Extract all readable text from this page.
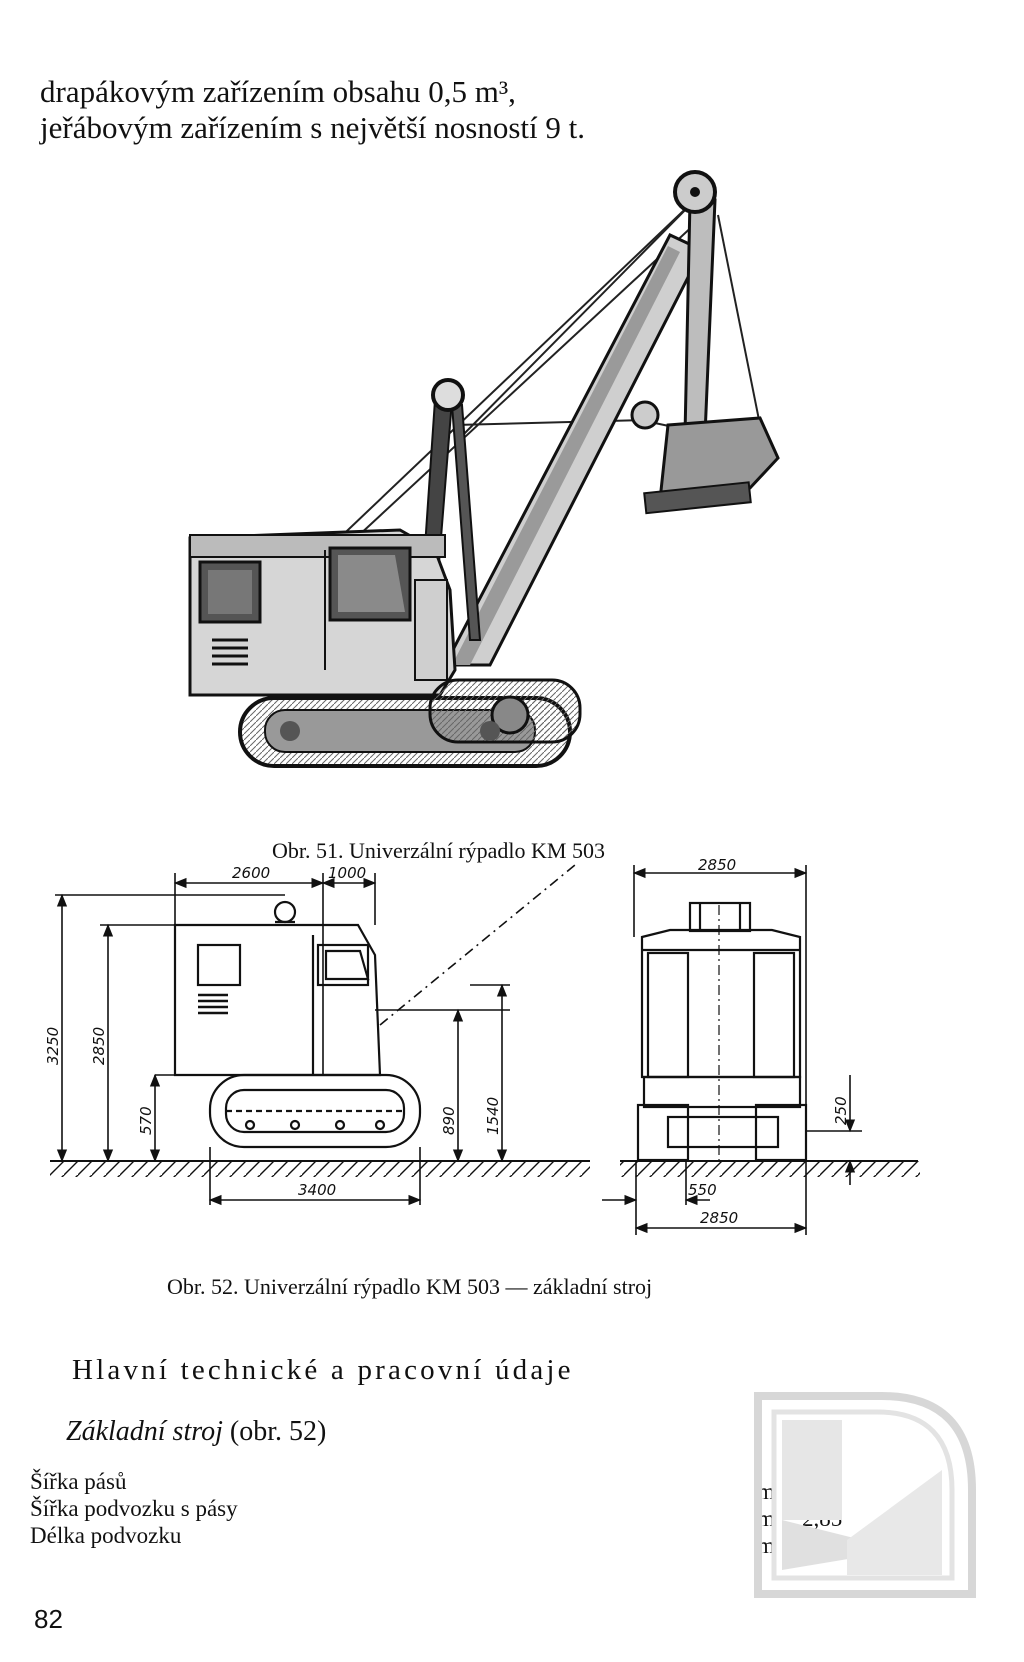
drapákovým zařízením obsahu 0,5 m³,
jeřábovým zařízením s největší nosností 9 t.
Obr. 51. Univerzální rýpadlo KM 503
2600	1000
3250 2850
570	890 1540
3400
2850
250
550
2850
Obr. 52. Univerzální rýpadlo KM 503 — základní stroj
Hlavní technické a pracovní údaje
Základní stroj (obr. 52)
Šířka pásů	m
Šířka podvozku s pásy	m
Délka podvozku	m
82
